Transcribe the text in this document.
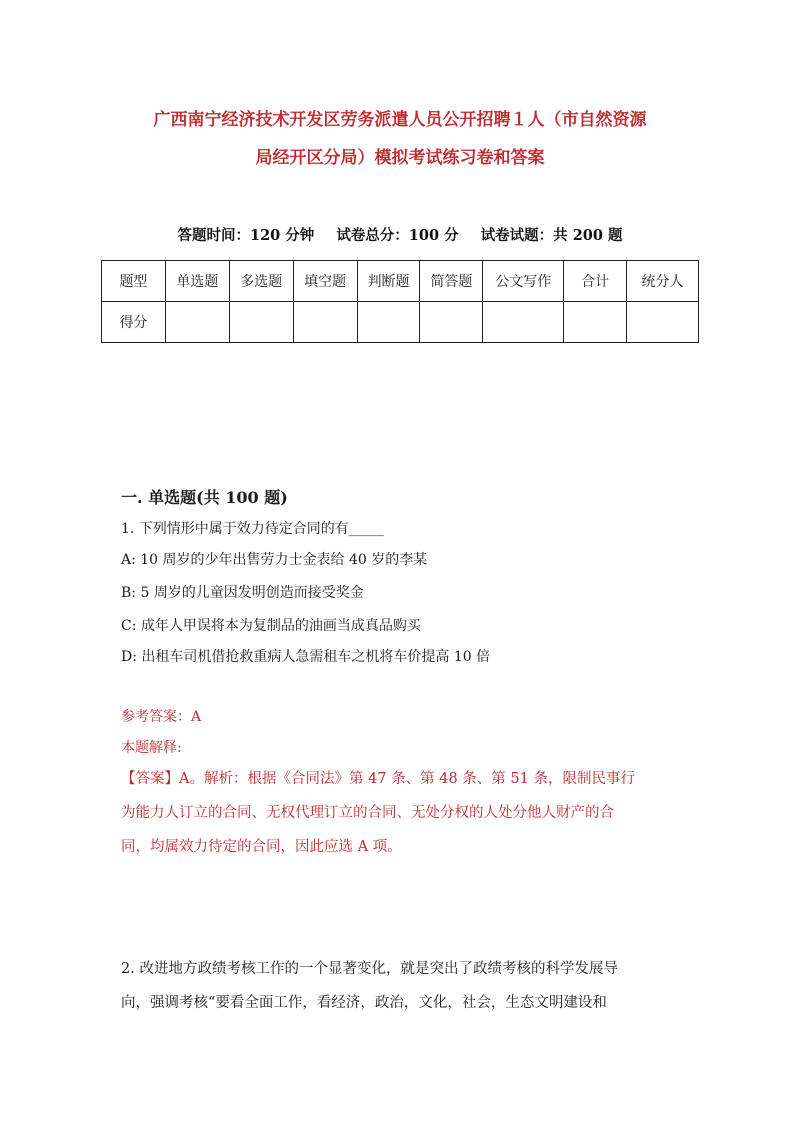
广西南宁经济技术开发区劳务派遣人员公开招聘１人（市自然资源
局经开区分局）模拟考试练习卷和答案
答题时间：120 分钟 试卷总分：100 分 试卷试题：共 200 题
题型	单选题	多选题	填空题	判断题	简答题	公文写作	合计	统分人
得分								
一. 单选题(共 100 题)
1. 下列情形中属于效力待定合同的有_____
A: 10 周岁的少年出售劳力士金表给 40 岁的李某
B: 5 周岁的儿童因发明创造而接受奖金
C: 成年人甲误将本为复制品的油画当成真品购买
D: 出租车司机借抢救重病人急需租车之机将车价提高 10 倍
参考答案：A
本题解释:
【答案】A。解析：根据《合同法》第 47 条、第 48 条、第 51 条，限制民事行
为能力人订立的合同、无权代理订立的合同、无处分权的人处分他人财产的合
同，均属效力待定的合同，因此应选 A 项。
2. 改进地方政绩考核工作的一个显著变化，就是突出了政绩考核的科学发展导
向，强调考核“要看全面工作，看经济，政治，文化，社会，生态文明建设和
